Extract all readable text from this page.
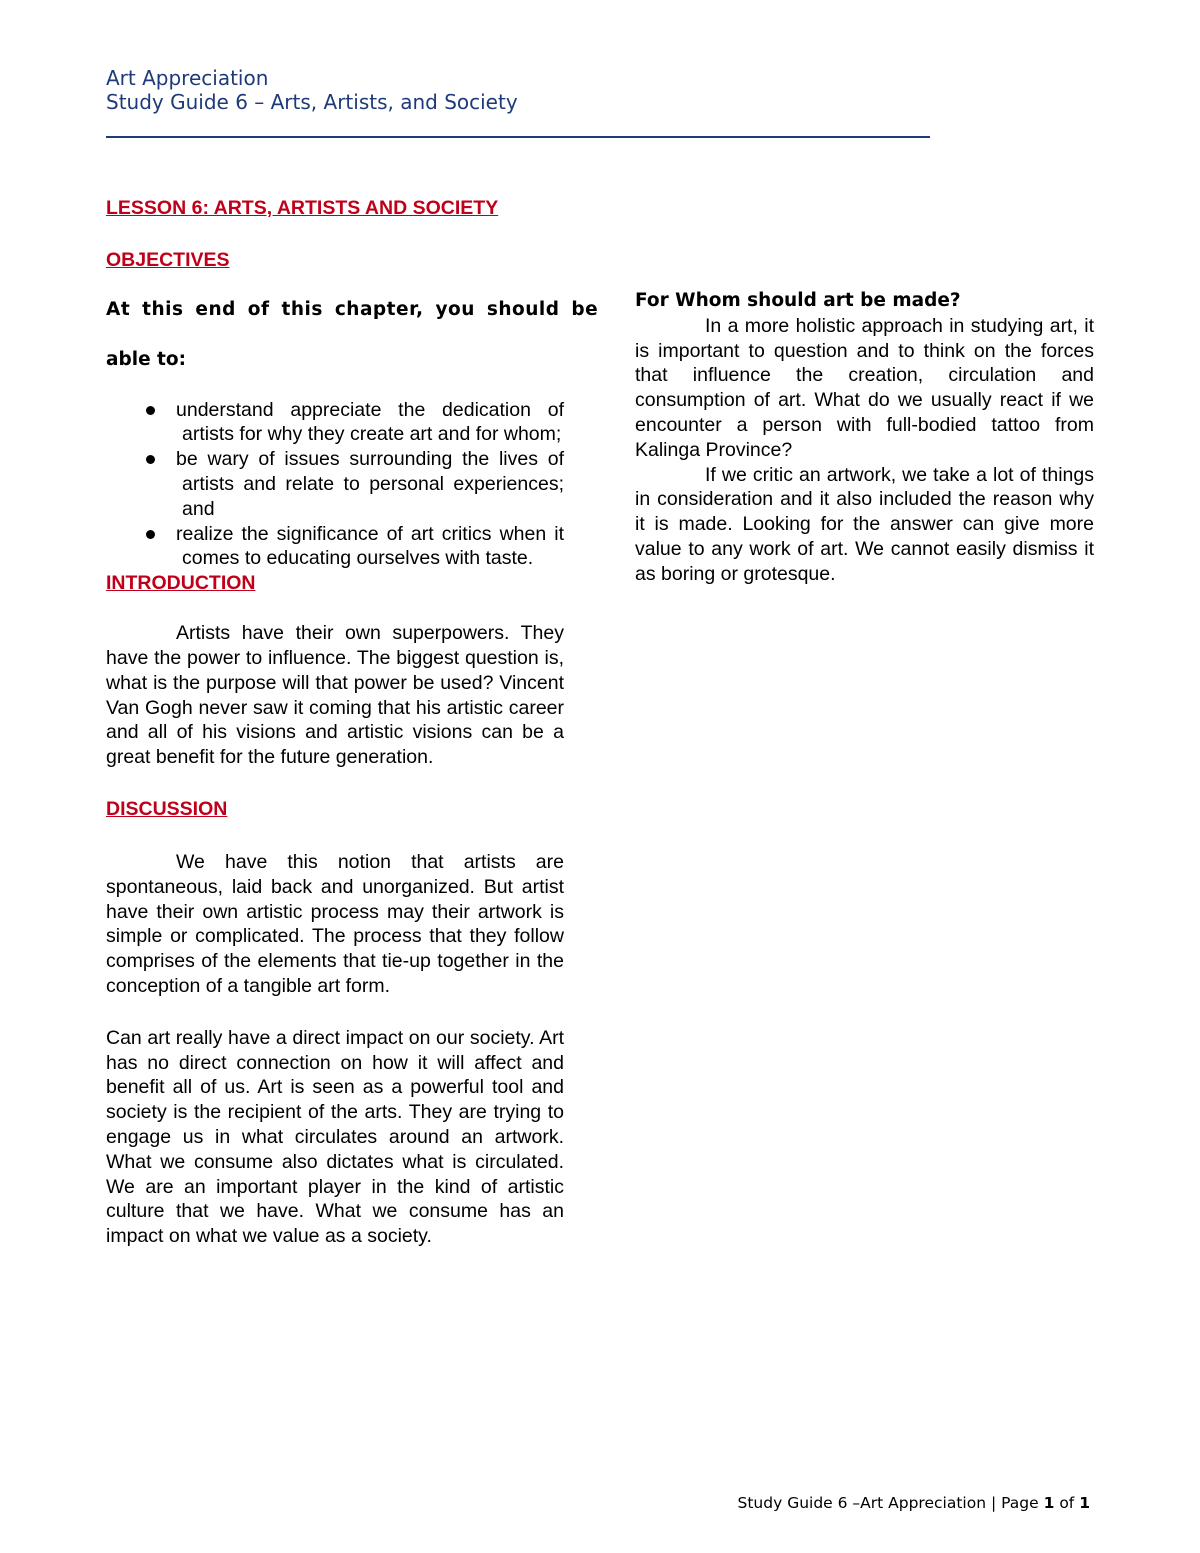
Art Appreciation
Study Guide 6 – Arts, Artists, and Society
LESSON 6: ARTS, ARTISTS AND SOCIETY
OBJECTIVES
At this end of this chapter, you should be
able to:
understand appreciate the dedication of artists for why they create art and for whom;
be wary of issues surrounding the lives of artists and relate to personal experiences; and
realize the significance of art critics when it comes to educating ourselves with taste.
INTRODUCTION

Artists have their own superpowers. They have the power to influence. The biggest question is, what is the purpose will that power be used? Vincent Van Gogh never saw it coming that his artistic career and all of his visions and artistic visions can be a great benefit for the future generation.

DISCUSSION

We have this notion that artists are spontaneous, laid back and unorganized. But artist have their own artistic process may their artwork is simple or complicated. The process that they follow comprises of the elements that tie-up together in the conception of a tangible art form.

Can art really have a direct impact on our society. Art has no direct connection on how it will affect and benefit all of us. Art is seen as a powerful tool and society is the recipient of the arts. They are trying to engage us in what circulates around an artwork. What we consume also dictates what is circulated. We are an important player in the kind of artistic culture that we have. What we consume has an impact on what we value as a society.

For Whom should art be made?

In a more holistic approach in studying art, it is important to question and to think on the forces that influence the creation, circulation and consumption of art. What do we usually react if we encounter a person with full-bodied tattoo from Kalinga Province?

If we critic an artwork, we take a lot of things in consideration and it also included the reason why it is made. Looking for the answer can give more value to any work of art. We cannot easily dismiss it as boring or grotesque.

Study Guide 6 –Art Appreciation | Page 1 of 1
